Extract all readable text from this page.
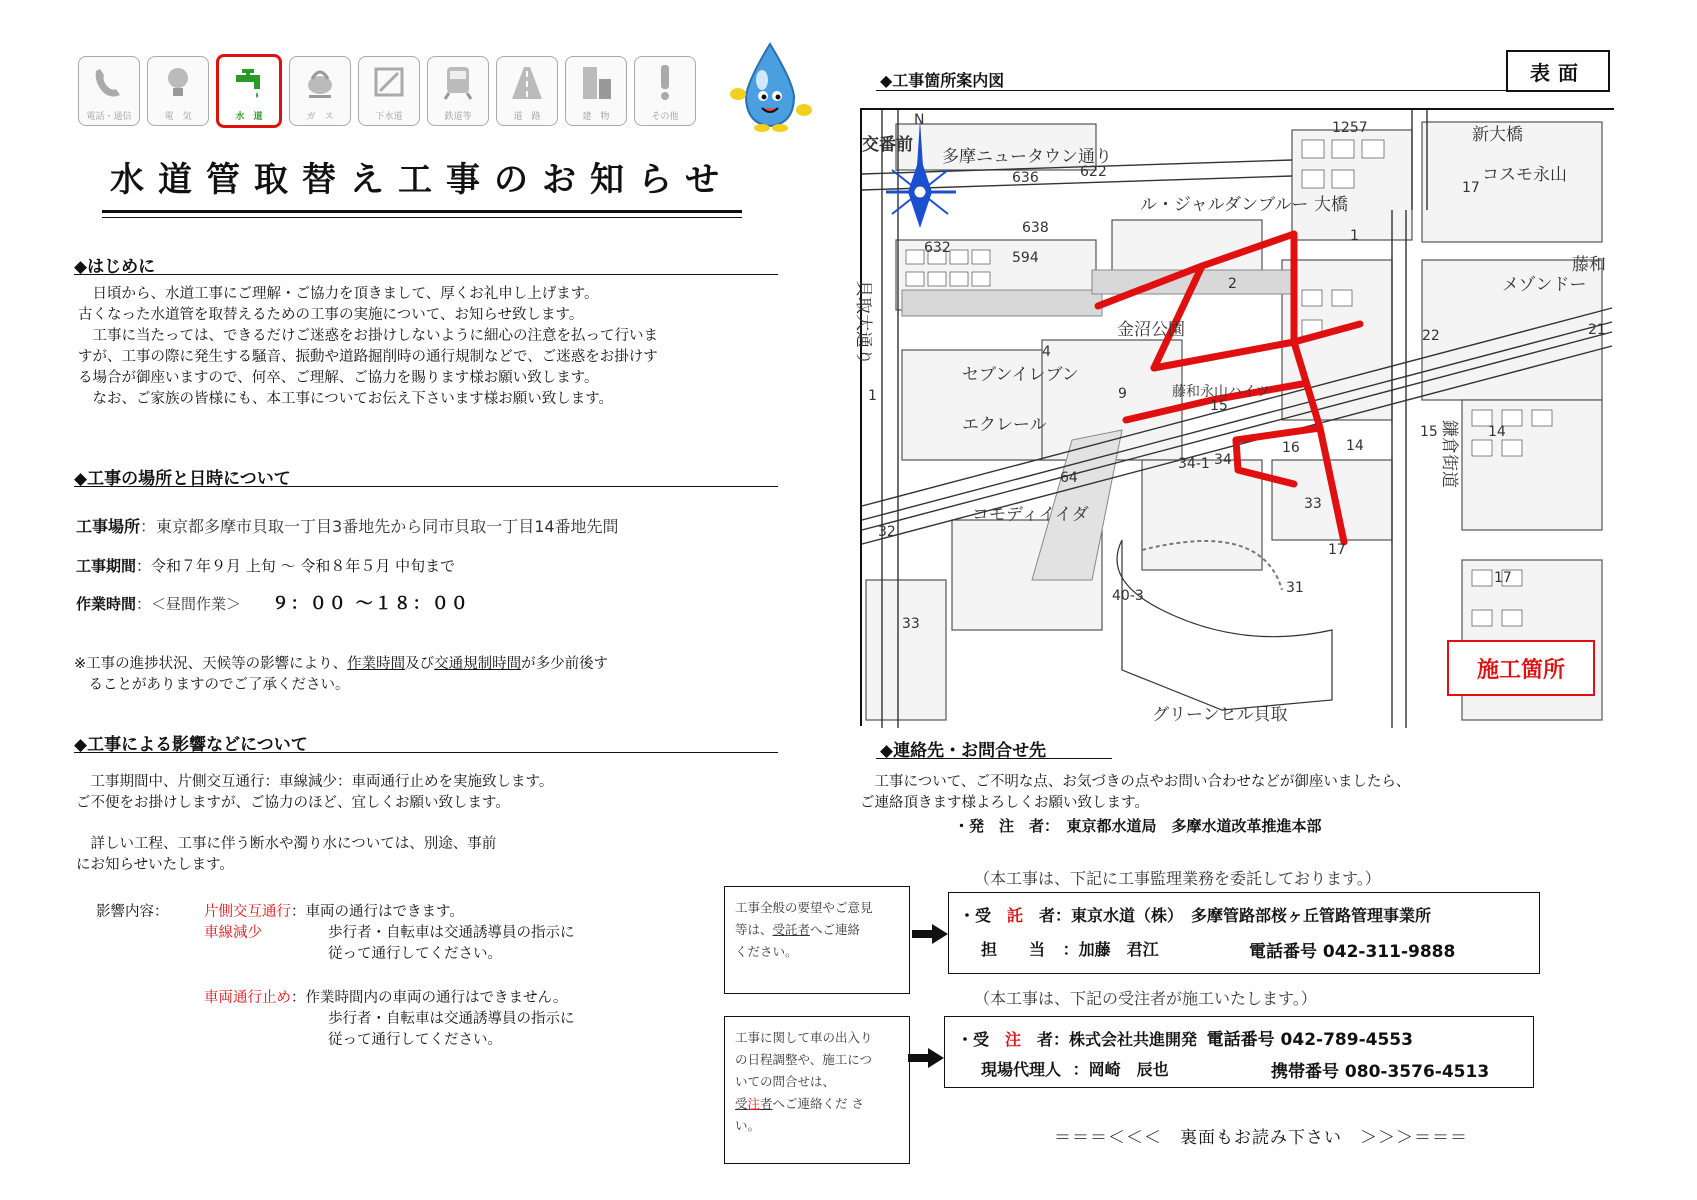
電話・通信	電　気	水　道	ガ　ス	下水道	鉄道等	道　路	建　物	その他
水道管取替え工事のお知らせ
◆はじめに
　日頃から、水道工事にご理解・ご協力を頂きまして、厚くお礼申し上げます。
古くなった水道管を取替えるための工事の実施について、お知らせ致します。
　工事に当たっては、できるだけご迷惑をお掛けしないように細心の注意を払って行いま
すが、工事の際に発生する騒音、振動や道路掘削時の通行規制などで、ご迷惑をお掛けす
る場合が御座いますので、何卒、ご理解、ご協力を賜ります様お願い致します。
　なお、ご家族の皆様にも、本工事についてお伝え下さいます様お願い致します。
◆工事の場所と日時について
工事場所：東京都多摩市貝取一丁目3番地先から同市貝取一丁目14番地先間
工事期間：令和７年９月 上旬 ～ 令和８年５月 中旬まで
作業時間：＜昼間作業＞ ９：００ ～１８：００
※工事の進捗状況、天候等の影響により、作業時間及び交通規制時間が多少前後す
　ることがありますのでご了承ください。
◆工事による影響などについて
　工事期間中、片側交互通行：車線減少：車両通行止めを実施致します。
ご不便をお掛けしますが、ご協力のほど、宜しくお願い致します。
　詳しい工程、工事に伴う断水や濁り水については、別途、事前
にお知らせいたします。
影響内容： 片側交互通行：車両の通行はできます。
車線減少	歩行者・自転車は交通誘導員の指示に
従って通行してください。
車両通行止め：作業時間内の車両の通行はできません。
歩行者・自転車は交通誘導員の指示に
従って通行してください。
表面
◆工事箇所案内図
N
交番前
多摩ニュータウン通り
ル・ジャルダンブルー
金沼公園
セブンイレブン
エクレール
藤和永山ハイツ
コモディイイダ
グリーンヒル貝取
大橋
新大橋
コスモ永山
藤和
メゾンドー
鎌倉街道
貝取大通り
636	622
638
632
594
1257
17
1
2
4
1
15
9
64
16	14
34
34-1
33
17
31
32
33
40-3
22	21
15	14
17
施工箇所
◆連絡先・お問合せ先
　工事について、ご不明な点、お気づきの点やお問い合わせなどが御座いましたら、
ご連絡頂きます様よろしくお願い致します。
・発　注　者：　東京都水道局　多摩水道改革推進本部
（本工事は、下記に工事監理業務を委託しております。）
工事全般の要望やご意見
等は、受託者へご連絡
ください。
・受　託　者：東京水道（株）　多摩管路部桜ヶ丘管路管理事業所
担　　当 ：加藤　君江	電話番号 042-311-9888
（本工事は、下記の受注者が施工いたします。）
工事に関して車の出入り
の日程調整や、施工につ
いての問合せは、
受注者へご連絡くだ さ
い。
・受　注　者：株式会社共進開発 電話番号 042-789-4553
現場代理人 ：岡崎　辰也	携帯番号 080-3576-4513
＝＝＝＜＜＜　裏面もお読み下さい　＞＞＞＝＝＝
